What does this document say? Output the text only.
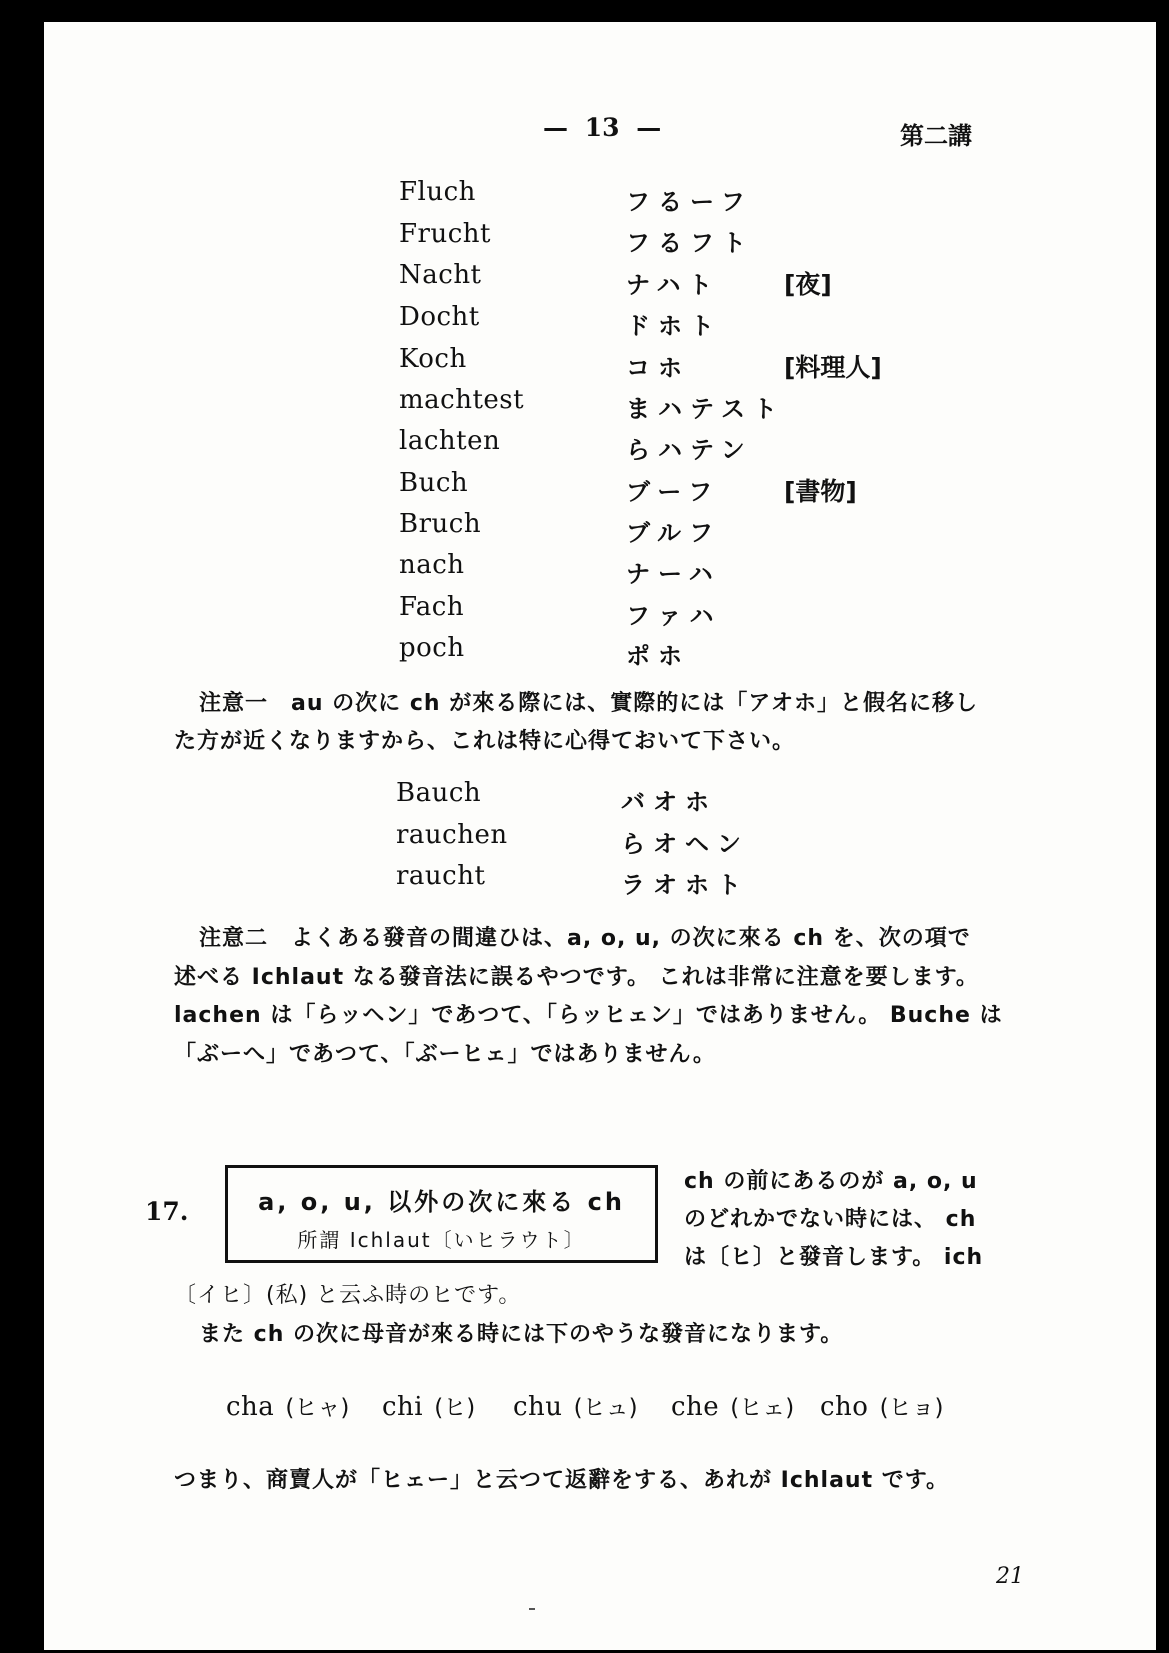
— 13 —	第二講
Fluch	フるーフ
Frucht	フるフト
Nacht	ナハト	[夜]
Docht	ドホト
Koch	コホ	[料理人]
machtest	まハテスト
lachten	らハテン
Buch	ブーフ	[書物]
Bruch	ブルフ
nach	ナーハ
Fach	ファハ
poch	ポホ
注意一　au の次に ch が來る際には、實際的には「アオホ」と假名に移し
た方が近くなりますから、これは特に心得ておいて下さい。
Bauch	バオホ
rauchen	らオヘン
raucht	ラオホト
注意二　よくある發音の間違ひは、a, o, u, の次に來る ch を、次の項で
述べる Ichlaut なる發音法に誤るやつです。 これは非常に注意を要します。
lachen は「らッヘン」であつて、「らッヒェン」ではありません。 Buche は
「ぶーへ」であつて、「ぶーヒェ」ではありません。
17.	a, o, u, 以外の次に來る ch
所謂 Ichlaut〔いヒラウト〕
ch の前にあるのが a, o, u
のどれかでない時には、 ch
は〔ヒ〕と發音します。 ich
〔イヒ〕(私) と云ふ時のヒです。
また ch の次に母音が來る時には下のやうな發音になります。
cha (ヒャ) chi (ヒ) chu (ヒュ) che (ヒェ) cho (ヒョ)
つまり、商賣人が「ヒェー」と云つて返辭をする、あれが Ichlaut です。
21
